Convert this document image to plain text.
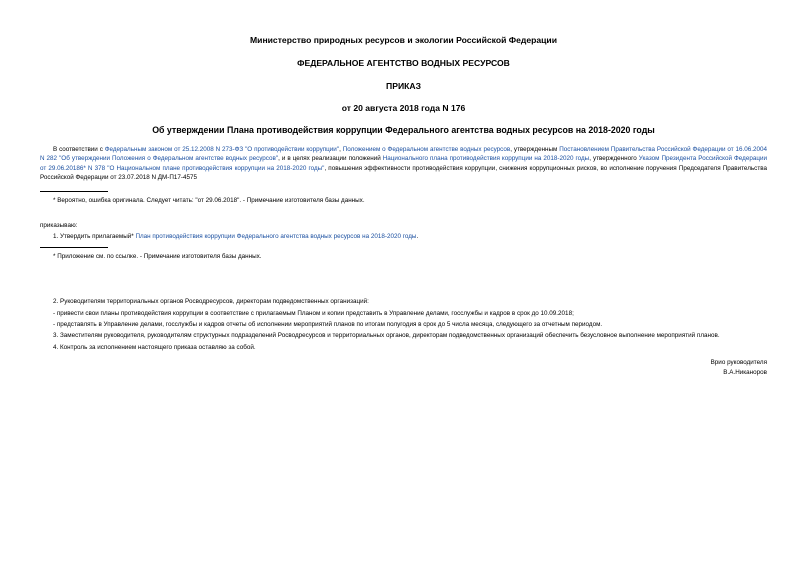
Министерство природных ресурсов и экологии Российской Федерации
ФЕДЕРАЛЬНОЕ АГЕНТСТВО ВОДНЫХ РЕСУРСОВ
ПРИКАЗ
от 20 августа 2018 года N 176
Об утверждении Плана противодействия коррупции Федерального агентства водных ресурсов на 2018-2020 годы

В соответствии с Федеральным законом от 25.12.2008 N 273-ФЗ "О противодействии коррупции", Положением о Федеральном агентстве водных ресурсов, утвержденным Постановлением Правительства Российской Федерации от 16.06.2004 N 282 "Об утверждении Положения о Федеральном агентстве водных ресурсов", и в целях реализации положений Национального плана противодействия коррупции на 2018-2020 годы, утвержденного Указом Президента Российской Федерации от 29.06.20186* N 378 "О Национальном плане противодействия коррупции на 2018-2020 годы", повышения эффективности противодействия коррупции, снижения коррупционных рисков, во исполнение поручения Председателя Правительства Российской Федерации от 23.07.2018 N ДМ-П17-4575

* Вероятно, ошибка оригинала. Следует читать: "от 29.06.2018". - Примечание изготовителя базы данных.

приказываю:

1. Утвердить прилагаемый* План противодействия коррупции Федерального агентства водных ресурсов на 2018-2020 годы.

* Приложение см. по ссылке. - Примечание изготовителя базы данных.

2. Руководителям территориальных органов Росводресурсов, директорам подведомственных организаций:

- привести свои планы противодействия коррупции в соответствие с прилагаемым Планом и копии представить в Управление делами, госслужбы и кадров в срок до 10.09.2018;

- представлять в Управление делами, госслужбы и кадров отчеты об исполнении мероприятий планов по итогам полугодия в срок до 5 числа месяца, следующего за отчетным периодом.

3. Заместителям руководителя, руководителям структурных подразделений Росводресурсов и территориальных органов, директорам подведомственных организаций обеспечить безусловное выполнение мероприятий планов.

4. Контроль за исполнением настоящего приказа оставляю за собой.

Врио руководителя

В.А.Никаноров
